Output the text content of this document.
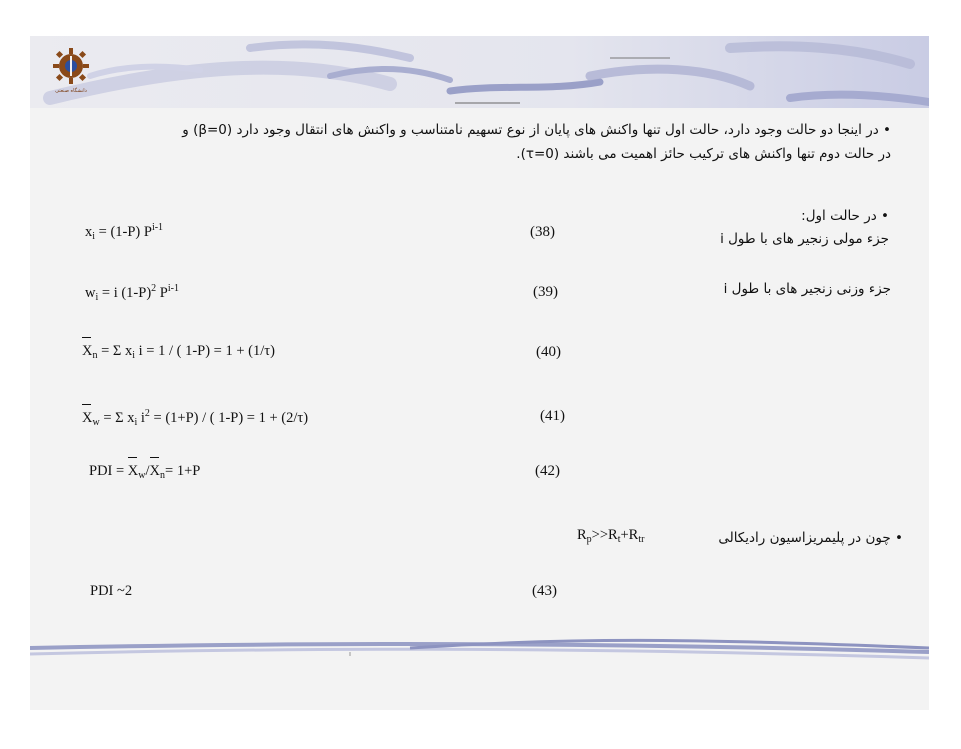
دانشگاه صنعتی
• در اینجا دو حالت وجود دارد، حالت اول تنها واکنش های پایان از نوع تسهیم نامتناسب و واکنش های انتقال وجود دارد (β=0) و
در حالت دوم تنها واکنش های ترکیب حائز اهمیت می باشند (τ=0).
• در حالت اول:
جزء مولی زنجیر های با طول i
جزء وزنی زنجیر های با طول i
$x_i = (1-P)$ $P^{i-1}$	(38)
$w_i = i$ $(1-P)^2$ $P^{i-1}$	(39)
$X_n = \Sigma$ $x_i$ i = 1 / ( 1-P) = 1 + (1/τ)	(40)
$X_w = \Sigma$ $x_i$ $i^2 = (1+P)$ / ( 1-P) = 1 + (2/τ)	(41)
PDI = $X_w/X_n= 1+P$	(42)
• چون در پلیمریزاسیون رادیکالی
$R_p>>R_t+R_{tr}$
PDI ~2	(43)
